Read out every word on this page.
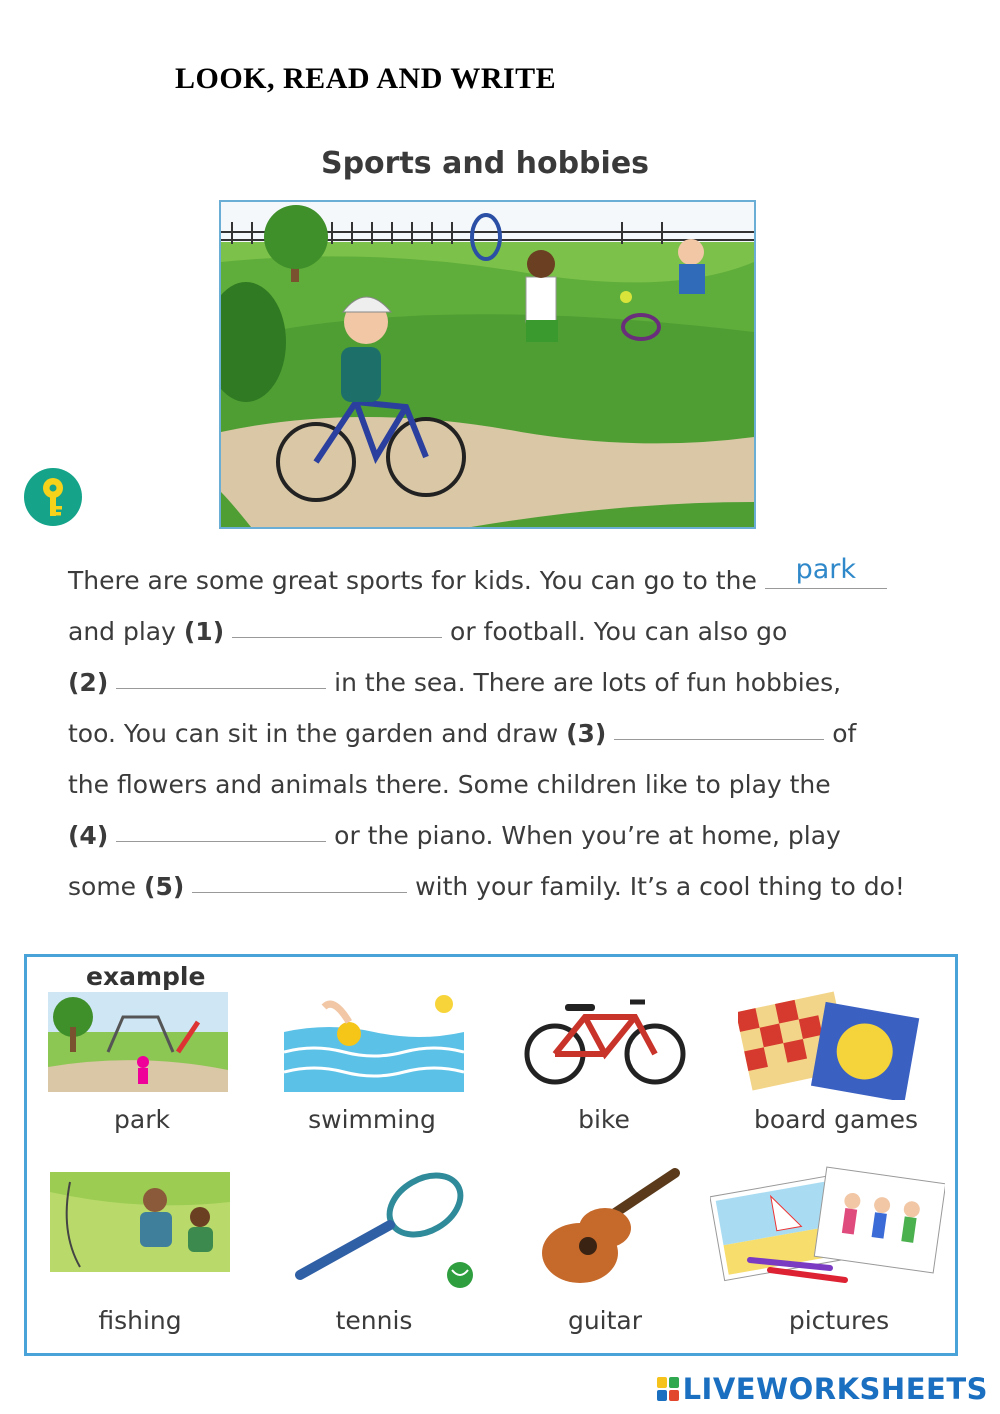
LOOK, READ AND WRITE
Sports and hobbies
There are some great sports for kids. You can go to the	park
and play (1)	or football. You can also go
(2)	in the sea. There are lots of fun hobbies,
too. You can sit in the garden and draw (3)	of
the flowers and animals there. Some children like to play the
(4)	or the piano. When you’re at home, play
some (5)	with your family. It’s a cool thing to do!
example
park	swimming	bike	board games
fishing	tennis	guitar	pictures
LIVEWORKSHEETS
